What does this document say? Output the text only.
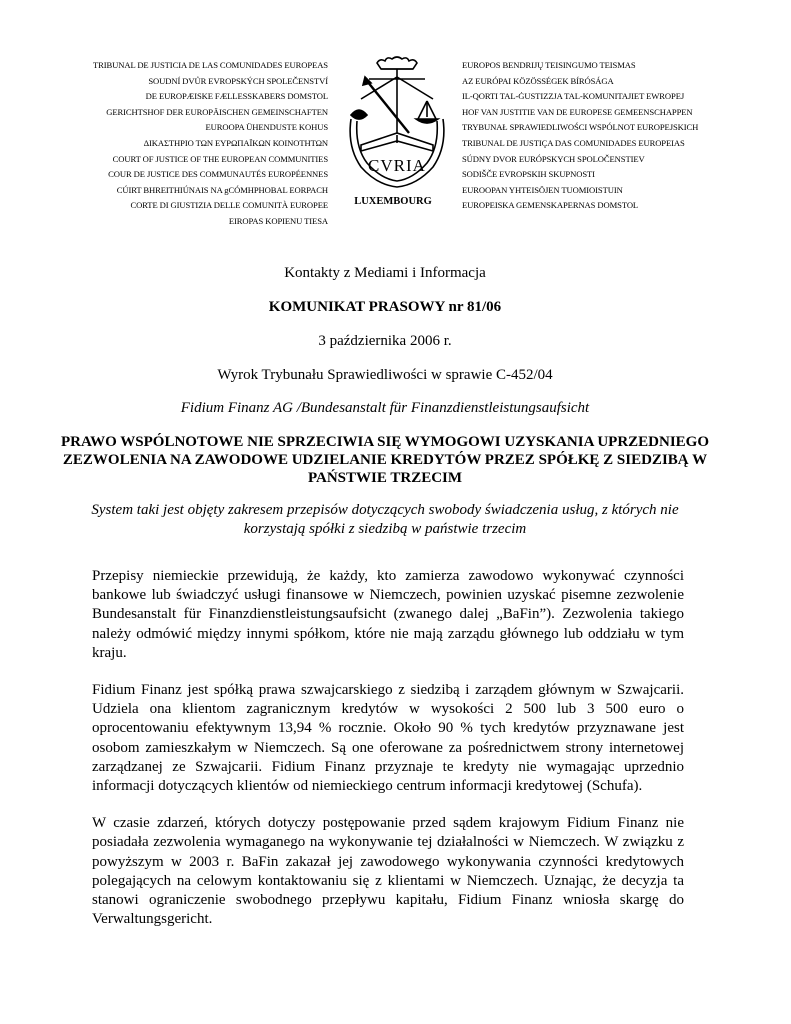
TRIBUNAL DE JUSTICIA DE LAS COMUNIDADES EUROPEAS
SOUDNÍ DVŮR EVROPSKÝCH SPOLEČENSTVÍ
DE EUROPÆISKE FÆLLESSKABERS DOMSTOL
GERICHTSHOF DER EUROPÄISCHEN GEMEINSCHAFTEN
EUROOPA ÜHENDUSTE KOHUS
ΔΙΚΑΣΤΗΡΙΟ ΤΩΝ ΕΥΡΩΠΑΪΚΩΝ ΚΟΙΝΟΤΗΤΩΝ
COURT OF JUSTICE OF THE EUROPEAN COMMUNITIES
COUR DE JUSTICE DES COMMUNAUTÉS EUROPÉENNES
CÚIRT BHREITHIÚNAIS NA gCÓMHPHOBAL EORPACH
CORTE DI GIUSTIZIA DELLE COMUNITÀ EUROPEE
EIROPAS KOPIENU TIESA
CVRIA
LUXEMBOURG
EUROPOS BENDRIJŲ TEISINGUMO TEISMAS
AZ EURÓPAI KÖZÖSSÉGEK BÍRÓSÁGA
IL-QORTI TAL-ĠUSTIZZJA TAL-KOMUNITAJIET EWROPEJ
HOF VAN JUSTITIE VAN DE EUROPESE GEMEENSCHAPPEN
TRYBUNAŁ SPRAWIEDLIWOŚCI WSPÓLNOT EUROPEJSKICH
TRIBUNAL DE JUSTIÇA DAS COMUNIDADES EUROPEIAS
SÚDNY DVOR EURÓPSKYCH SPOLOČENSTIEV
SODIŠČE EVROPSKIH SKUPNOSTI
EUROOPAN YHTEISÖJEN TUOMIOISTUIN
EUROPEISKA GEMENSKAPERNAS DOMSTOL
Kontakty z Mediami i Informacja
KOMUNIKAT PRASOWY nr 81/06
3 października 2006 r.
Wyrok Trybunału Sprawiedliwości w sprawie C-452/04
Fidium Finanz AG /Bundesanstalt für Finanzdienstleistungsaufsicht
PRAWO WSPÓLNOTOWE NIE SPRZECIWIA SIĘ WYMOGOWI UZYSKANIA UPRZEDNIEGO ZEZWOLENIA NA ZAWODOWE UDZIELANIE KREDYTÓW PRZEZ SPÓŁKĘ Z SIEDZIBĄ W PAŃSTWIE TRZECIM
System taki jest objęty zakresem przepisów dotyczących swobody świadczenia usług, z których nie korzystają spółki z siedzibą w państwie trzecim

Przepisy niemieckie przewidują, że każdy, kto zamierza zawodowo wykonywać czynności bankowe lub świadczyć usługi finansowe w Niemczech, powinien uzyskać pisemne zezwolenie Bundesanstalt für Finanzdienstleistungsaufsicht (zwanego dalej „BaFin”). Zezwolenia takiego należy odmówić między innymi spółkom, które nie mają zarządu głównego lub oddziału w tym kraju.

Fidium Finanz jest spółką prawa szwajcarskiego z siedzibą i zarządem głównym w Szwajcarii. Udziela ona klientom zagranicznym kredytów w wysokości 2 500 lub 3 500 euro o oprocentowaniu efektywnym 13,94 % rocznie. Około 90 % tych kredytów przyznawane jest osobom zamieszkałym w Niemczech. Są one oferowane za pośrednictwem strony internetowej zarządzanej ze Szwajcarii. Fidium Finanz przyznaje te kredyty nie wymagając uprzednio informacji dotyczących klientów od niemieckiego centrum informacji kredytowej (Schufa).

W czasie zdarzeń, których dotyczy postępowanie przed sądem krajowym Fidium Finanz nie posiadała zezwolenia wymaganego na wykonywanie tej działalności w Niemczech. W związku z powyższym w 2003 r. BaFin zakazał jej zawodowego wykonywania czynności kredytowych polegających na celowym kontaktowaniu się z klientami w Niemczech. Uznając, że decyzja ta stanowi ograniczenie swobodnego przepływu kapitału, Fidium Finanz wniosła skargę do Verwaltungsgericht.
